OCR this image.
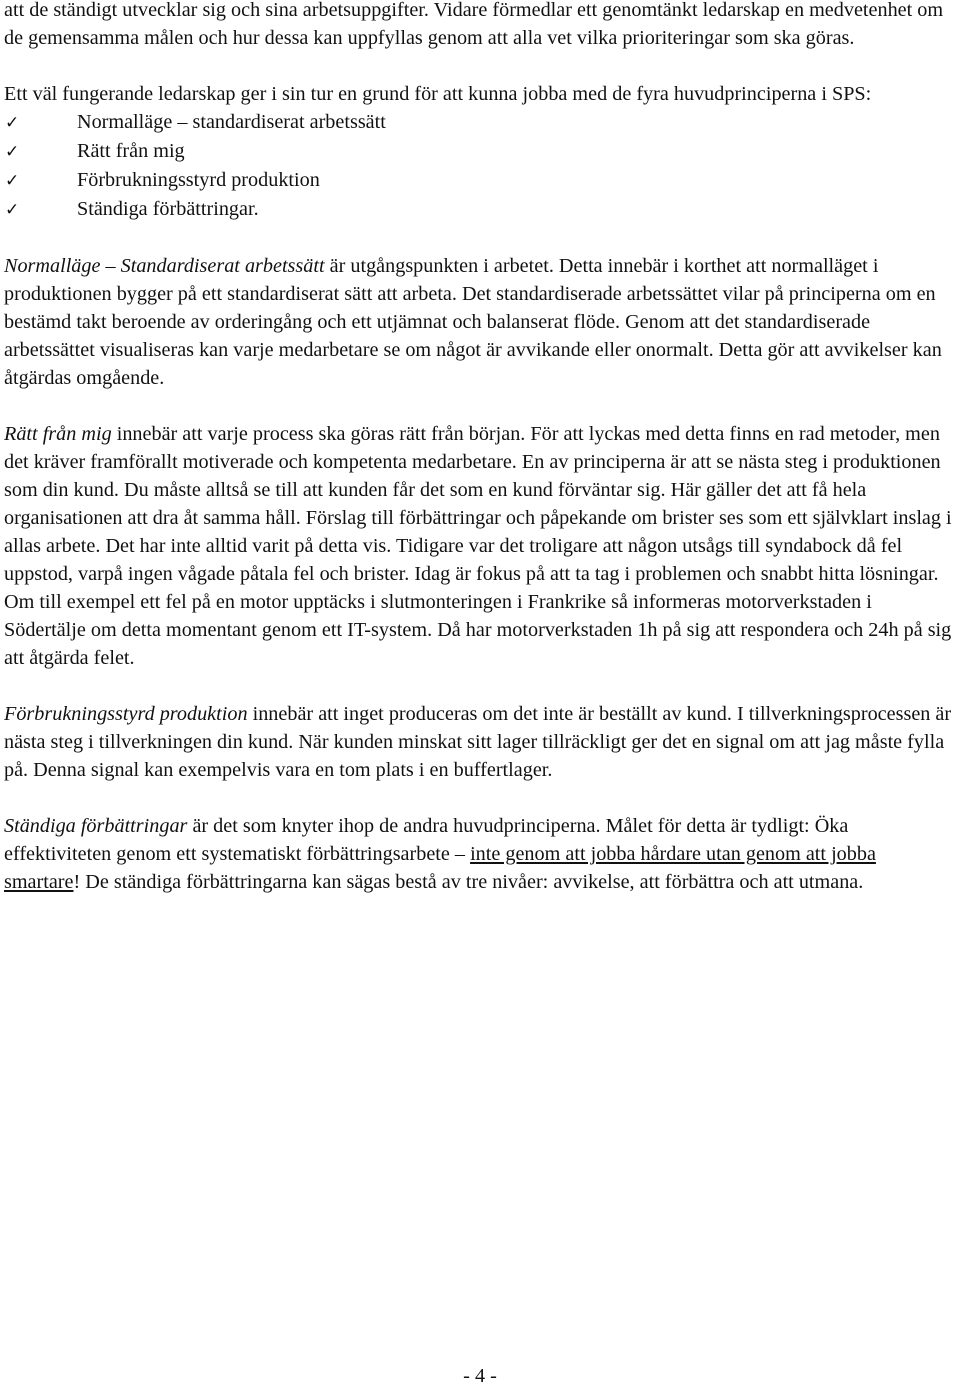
att de ständigt utvecklar sig och sina arbetsuppgifter. Vidare förmedlar ett genomtänkt ledarskap en medvetenhet om de gemensamma målen och hur dessa kan uppfyllas genom att alla vet vilka prioriteringar som ska göras.

Ett väl fungerande ledarskap ger i sin tur en grund för att kunna jobba med de fyra huvudprinciperna i SPS:

✓	Normalläge – standardiserat arbetssätt
✓	Rätt från mig
✓	Förbrukningsstyrd produktion
✓	Ständiga förbättringar.

Normalläge – Standardiserat arbetssätt är utgångspunkten i arbetet. Detta innebär i korthet att normalläget i produktionen bygger på ett standardiserat sätt att arbeta. Det standardiserade arbetssättet vilar på principerna om en bestämd takt beroende av orderingång och ett utjämnat och balanserat flöde. Genom att det standardiserade arbetssättet visualiseras kan varje medarbetare se om något är avvikande eller onormalt. Detta gör att avvikelser kan åtgärdas omgående.

Rätt från mig innebär att varje process ska göras rätt från början. För att lyckas med detta finns en rad metoder, men det kräver framförallt motiverade och kompetenta medarbetare. En av principerna är att se nästa steg i produktionen som din kund. Du måste alltså se till att kunden får det som en kund förväntar sig. Här gäller det att få hela organisationen att dra åt samma håll. Förslag till förbättringar och påpekande om brister ses som ett självklart inslag i allas arbete. Det har inte alltid varit på detta vis. Tidigare var det troligare att någon utsågs till syndabock då fel uppstod, varpå ingen vågade påtala fel och brister. Idag är fokus på att ta tag i problemen och snabbt hitta lösningar. Om till exempel ett fel på en motor upptäcks i slutmonteringen i Frankrike så informeras motorverkstaden i Södertälje om detta momentant genom ett IT-system. Då har motorverkstaden 1h på sig att respondera och 24h på sig att åtgärda felet.

Förbrukningsstyrd produktion innebär att inget produceras om det inte är beställt av kund. I tillverkningsprocessen är nästa steg i tillverkningen din kund. När kunden minskat sitt lager tillräckligt ger det en signal om att jag måste fylla på. Denna signal kan exempelvis vara en tom plats i en buffertlager.

Ständiga förbättringar är det som knyter ihop de andra huvudprinciperna. Målet för detta är tydligt: Öka effektiviteten genom ett systematiskt förbättringsarbete – inte genom att jobba hårdare utan genom att jobba smartare! De ständiga förbättringarna kan sägas bestå av tre nivåer: avvikelse, att förbättra och att utmana.

- 4 -
